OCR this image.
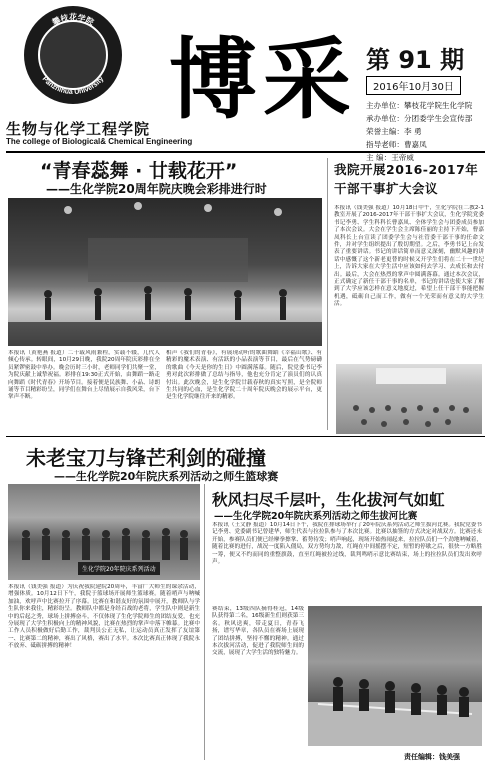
攀枝花学院
Panzhihua University
生物与化学工程学院
The college of Biological& Chemical Engineering
博采 第 91 期
2016年10月30日
主办单位：攀枝花学院生化学院
承办单位：分团委学生会宣传部
荣誉主编：李 勇
指导老师：曹嘉凤
主 编：王帝威
“青春蕊舞 · 廿载花开”
——生化学院20周年院庆晚会彩排进行时
本报讯（黄艳燕 报道）二十载风雨兼程，实载不辍，几代人倾心传承。转眼间，10月29日晚，我院20周年院庆彩排在全员紧锣密鼓中举办。晚会历时三小时，老师同学们共聚一堂，为院庆献上诚挚祝福。彩排在19:30正式开始，由舞蹈一路走向舞蹈《时代青春》开场节目。接着便是民族舞、小品、诗朗诵等节目精彩纷呈，同学们在舞台上尽情展示自我风采，台下掌声不断。
相声《我们的青春》，有展现动听的歌曲舞蹈《幸福山歌》、有精彩的魔术表演、有活跃的小品表演等节目，最后在气势磅礴的歌曲《今天是你的生日》中圆满落幕。随后，院党委书记李勇对此次彩排做了总结与指导，他也充分肯定了演员们的认真付出。此次晚会，是生化学院廿载春秋的真实写照，是全院师生共同的心血，是生化学院二十周年院庆晚会的展示平台，更是生化学院继往开来的精彩。
我院开展2016-2017年干部干事扩大会议
本报讯（钱美强 报道）10月18日中午，生化学院在二教2-1教室开展了2016-2017年干部干事扩大会议，生化学院党委书记李勇、学生科科长曹嘉凤、全体学生会与团委成员参加了本次会议。大会在学生会主席陈佳丽的主持下开始，曹嘉凤科长上台宣读了团委学生会与社管委干部干事的任命文件，并对学生组织提出了殷切期望。之后，李勇书记上台发表了重要讲话。书记的讲话简单而意义深刻，幽默风趣的讲话中感慨了这个新老更替的时候又开学生们将在二十一世纪上，告诉大家在大学生活中应该如何去学习、去成长和去付出。最后，大会在热烈的掌声中圆满落幕。通过本次会议，正式确定了新任干部干事的名单，书记的讲话也使大家了解到了大学应该怎样在意义地度过，希望上任干部干事能把握机遇，砥砺自己而工作，做有一个光荣而有意义的大学生活。
未老宝刀与锋芒利剑的碰撞
——生化学院20年院庆系列活动之师生篮球赛
生化学院20年院庆系列活动
本报讯（钱美强 报道）为庆祝我院建院20周年，丰富广大师生的课余活动，增强体质。10月12日下午，我院于篮球场开展师生篮球赛。随着哨声与呐喊加油，欢呼声中比赛拉开了序幕。比赛在和谐友好的氛围中展开，教师队与学生队你来我往，精彩纷呈。教师队中都是身经百战的老将，学生队中则是新生中的后起之秀，球场上拼搏奋斗，不仅体现了生化学院师生的团结友爱，也充分展现了大学生积极向上的精神风貌，比赛在热烈的掌声中落下帷幕。比赛中工作人员积极做好后勤工作，裁判员公正无私，让运动员真正发挥了友谊第一、比赛第二的精神，赛出了风格，赛出了水平。本次比赛真正体现了我院永不放弃、砥砺拼搏的精神！
秋风扫尽千层叶，生化拔河气如虹
——生化学院20年院庆系列活动之师生拔河比赛
本报讯（王文静 报道）10月14日下午，我院在排球场举行了20年院庆系列活动之师生拔河比赛。我院党委书记李勇、党委副书记曾建华，师生代表与拉拉队参与了本次比赛。比赛以抽签的方式决定对战双方。比赛还未开始，参赛队员们便已经摩拳擦掌、蓄势待发；哨声响起，现场开始热闹起来，拉拉队员们一个劲地呐喊着，随着比赛的进行，战况一度陷入僵局，双方势均力敌，红绳在中间摇摆不定，短暂的停歇之后，很快一方略胜一筹，便又不约而同的重整旗鼓，直至红绳被拉过线，裁判鸣哨示意比赛结束，场上的拉拉队员们发出欢呼声。
赛结束，13级四队摘得桂冠，14级队获得第二名，16级新生们则获第三名。秋风送爽，带走夏日，青春飞扬，谱写华章，各队员在赛场上展现了团结拼搏，坚持不懈的精神。通过本次拔河活动，促进了我院师生间的交流，展现了大学生活的独特魅力。
责任编辑：钱美强
